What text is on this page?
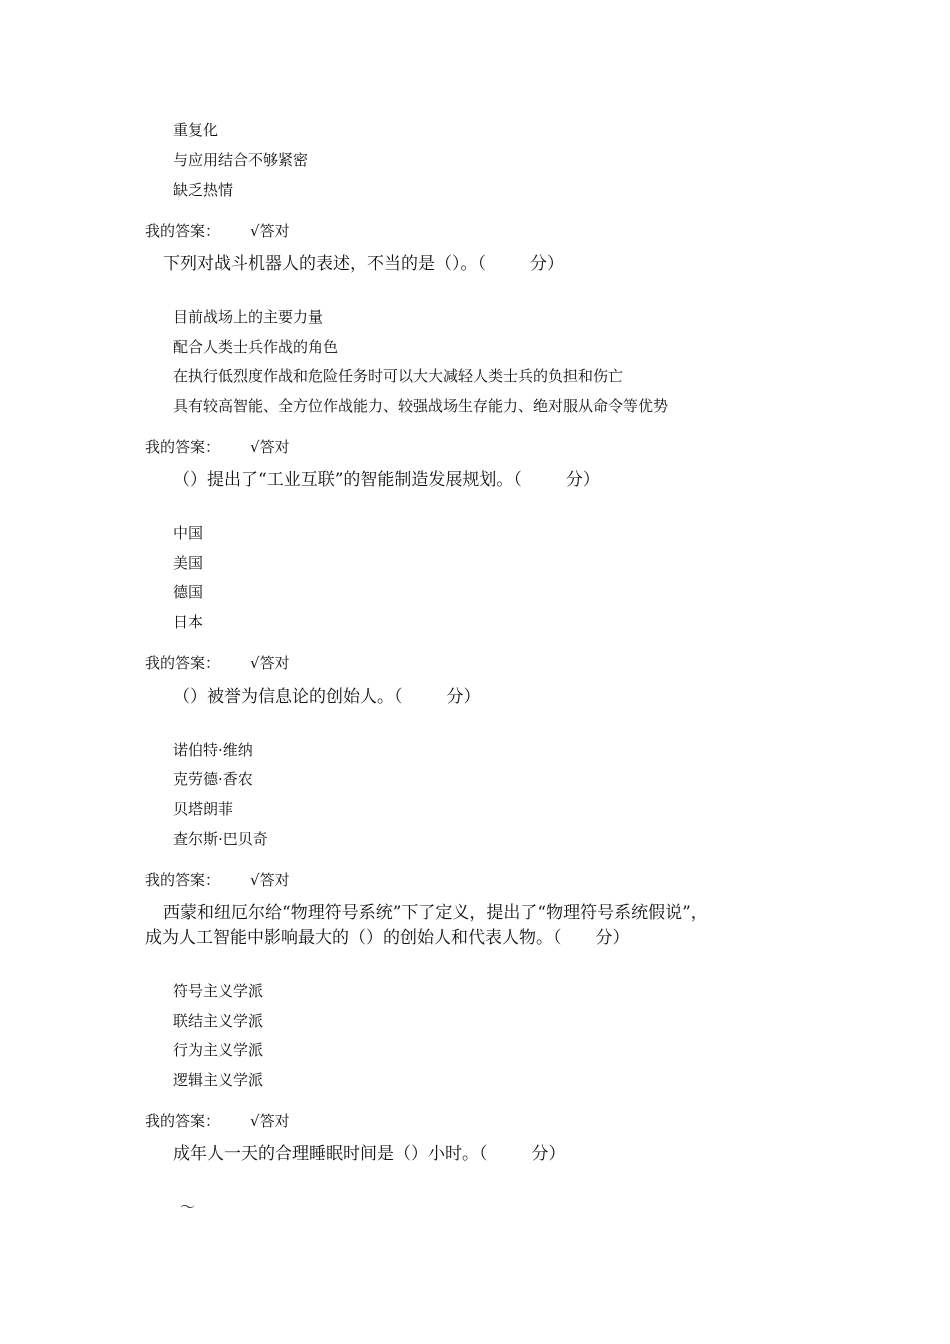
重复化
与应用结合不够紧密
缺乏热情
我的答案： √答对
下列对战斗机器人的表述，不当的是（）。（	分）
目前战场上的主要力量
配合人类士兵作战的角色
在执行低烈度作战和危险任务时可以大大减轻人类士兵的负担和伤亡
具有较高智能、全方位作战能力、较强战场生存能力、绝对服从命令等优势
我的答案： √答对
（）提出了“工业互联”的智能制造发展规划。（	分）
中国
美国
德国
日本
我的答案： √答对
（）被誉为信息论的创始人。（	分）
诺伯特·维纳
克劳德·香农
贝塔朗菲
查尔斯·巴贝奇
我的答案： √答对
西蒙和纽厄尔给“物理符号系统”下了定义，提出了“物理符号系统假说”，
成为人工智能中影响最大的（）的创始人和代表人物。（ 分）
符号主义学派
联结主义学派
行为主义学派
逻辑主义学派
我的答案： √答对
成年人一天的合理睡眠时间是（）小时。（	分）
～
